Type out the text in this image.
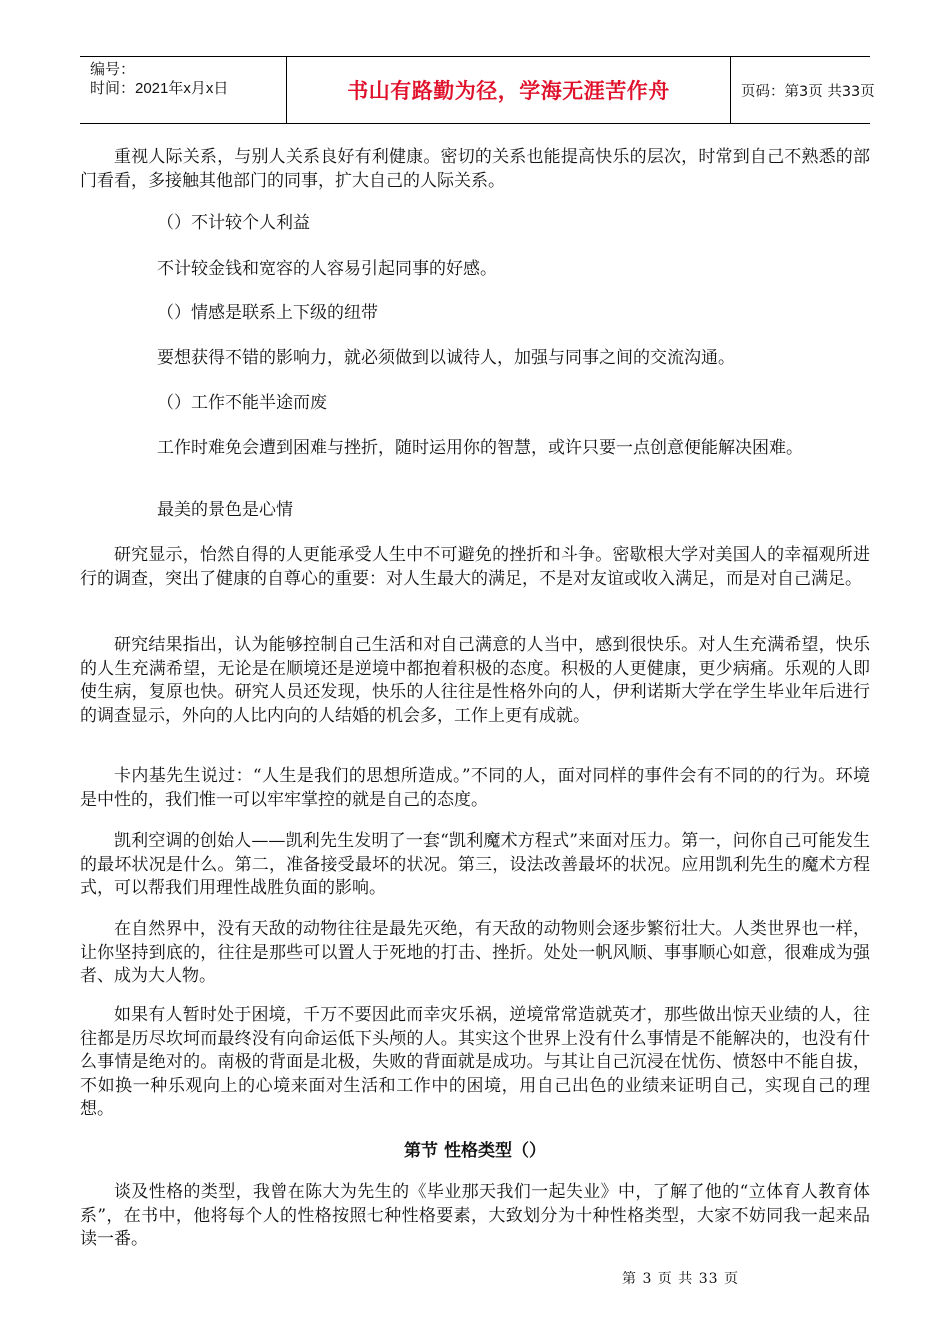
编号：
时间：2021年x月x日	书山有路勤为径，学海无涯苦作舟	页码：第3页 共33页

重视人际关系，与别人关系良好有利健康。密切的关系也能提高快乐的层次，时常到自己不熟悉的部门看看，多接触其他部门的同事，扩大自己的人际关系。

（）不计较个人利益

不计较金钱和宽容的人容易引起同事的好感。

（）情感是联系上下级的纽带

要想获得不错的影响力，就必须做到以诚待人，加强与同事之间的交流沟通。

（）工作不能半途而废

工作时难免会遭到困难与挫折，随时运用你的智慧，或许只要一点创意便能解决困难。

最美的景色是心情

研究显示，怡然自得的人更能承受人生中不可避免的挫折和斗争。密歇根大学对美国人的幸福观所进行的调查，突出了健康的自尊心的重要：对人生最大的满足，不是对友谊或收入满足，而是对自己满足。

研究结果指出，认为能够控制自己生活和对自己满意的人当中，感到很快乐。对人生充满希望，快乐的人生充满希望，无论是在顺境还是逆境中都抱着积极的态度。积极的人更健康，更少病痛。乐观的人即使生病，复原也快。研究人员还发现，快乐的人往往是性格外向的人，伊利诺斯大学在学生毕业年后进行的调查显示，外向的人比内向的人结婚的机会多，工作上更有成就。

卡内基先生说过：“人生是我们的思想所造成。”不同的人，面对同样的事件会有不同的的行为。环境是中性的，我们惟一可以牢牢掌控的就是自己的态度。

凯利空调的创始人——凯利先生发明了一套“凯利魔术方程式”来面对压力。第一，问你自己可能发生的最坏状况是什么。第二，准备接受最坏的状况。第三，设法改善最坏的状况。应用凯利先生的魔术方程式，可以帮我们用理性战胜负面的影响。

在自然界中，没有天敌的动物往往是最先灭绝，有天敌的动物则会逐步繁衍壮大。人类世界也一样，让你坚持到底的，往往是那些可以置人于死地的打击、挫折。处处一帆风顺、事事顺心如意，很难成为强者、成为大人物。

如果有人暂时处于困境，千万不要因此而幸灾乐祸，逆境常常造就英才，那些做出惊天业绩的人，往往都是历尽坎坷而最终没有向命运低下头颅的人。其实这个世界上没有什么事情是不能解决的，也没有什么事情是绝对的。南极的背面是北极，失败的背面就是成功。与其让自己沉浸在忧伤、愤怒中不能自拔，不如换一种乐观向上的心境来面对生活和工作中的困境，用自己出色的业绩来证明自己，实现自己的理想。

第节 性格类型（）

谈及性格的类型，我曾在陈大为先生的《毕业那天我们一起失业》中，了解了他的“立体育人教育体系”，在书中，他将每个人的性格按照七种性格要素，大致划分为十种性格类型，大家不妨同我一起来品读一番。

第 3 页 共 33 页
